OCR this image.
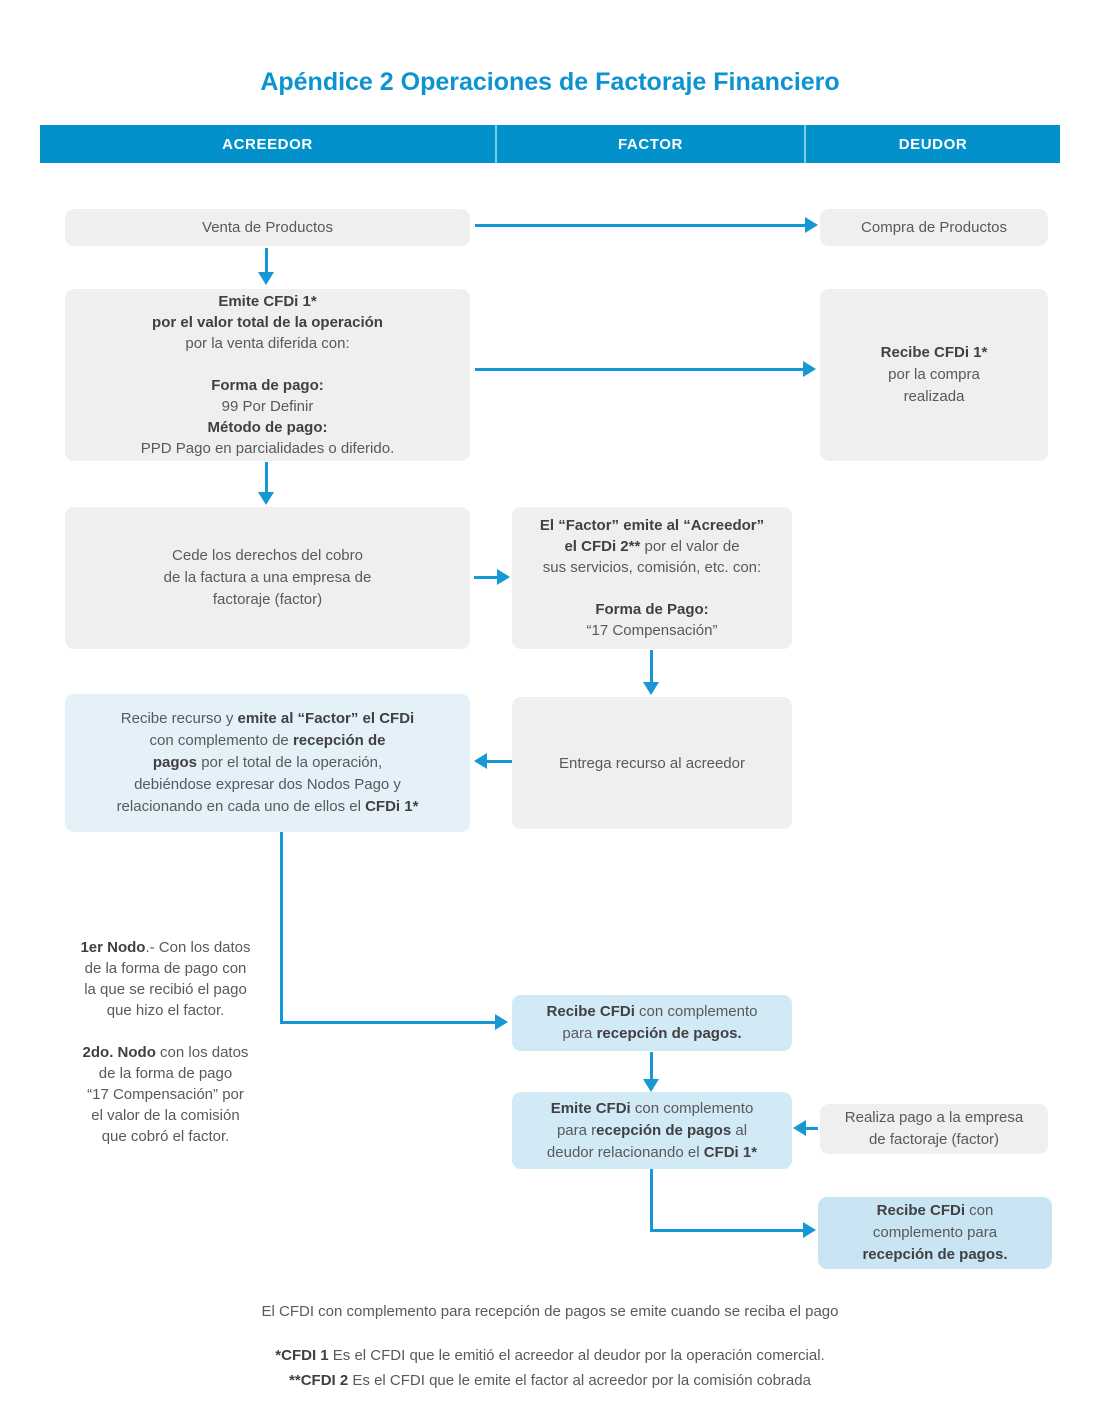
Apéndice 2 Operaciones de Factoraje Financiero
ACREEDOR	FACTOR	DEUDOR
Venta de Productos	Compra de Productos
Emite CFDi 1*
por el valor total de la operación
por la venta diferida con:
Forma de pago:
99 Por Definir
Método de pago:
PPD Pago en parcialidades o diferido.
Recibe CFDi 1*
por la compra
realizada
Cede los derechos del cobro
de la factura a una empresa de
factoraje (factor)
El “Factor” emite al “Acreedor”
el CFDi 2** por el valor de
sus servicios, comisión, etc. con:
Forma de Pago:
“17 Compensación”
Recibe recurso y emite al “Factor” el CFDi
con complemento de recepción de
pagos por el total de la operación,
debiéndose expresar dos Nodos Pago y
relacionando en cada uno de ellos el CFDi 1*
Entrega recurso al acreedor
1er Nodo.- Con los datos
de la forma de pago con
la que se recibió el pago
que hizo el factor.
2do. Nodo con los datos
de la forma de pago
“17 Compensación” por
el valor de la comisión
que cobró el factor.
Recibe CFDi con complemento
para recepción de pagos.
Emite CFDi con complemento
para recepción de pagos al
deudor relacionando el CFDi 1*
Realiza pago a la empresa
de factoraje (factor)
Recibe CFDi con
complemento para
recepción de pagos.
El CFDI con complemento para recepción de pagos se emite cuando se reciba el pago
*CFDI 1 Es el CFDI que le emitió el acreedor al deudor por la operación comercial.
**CFDI 2 Es el CFDI que le emite el factor al acreedor por la comisión cobrada
